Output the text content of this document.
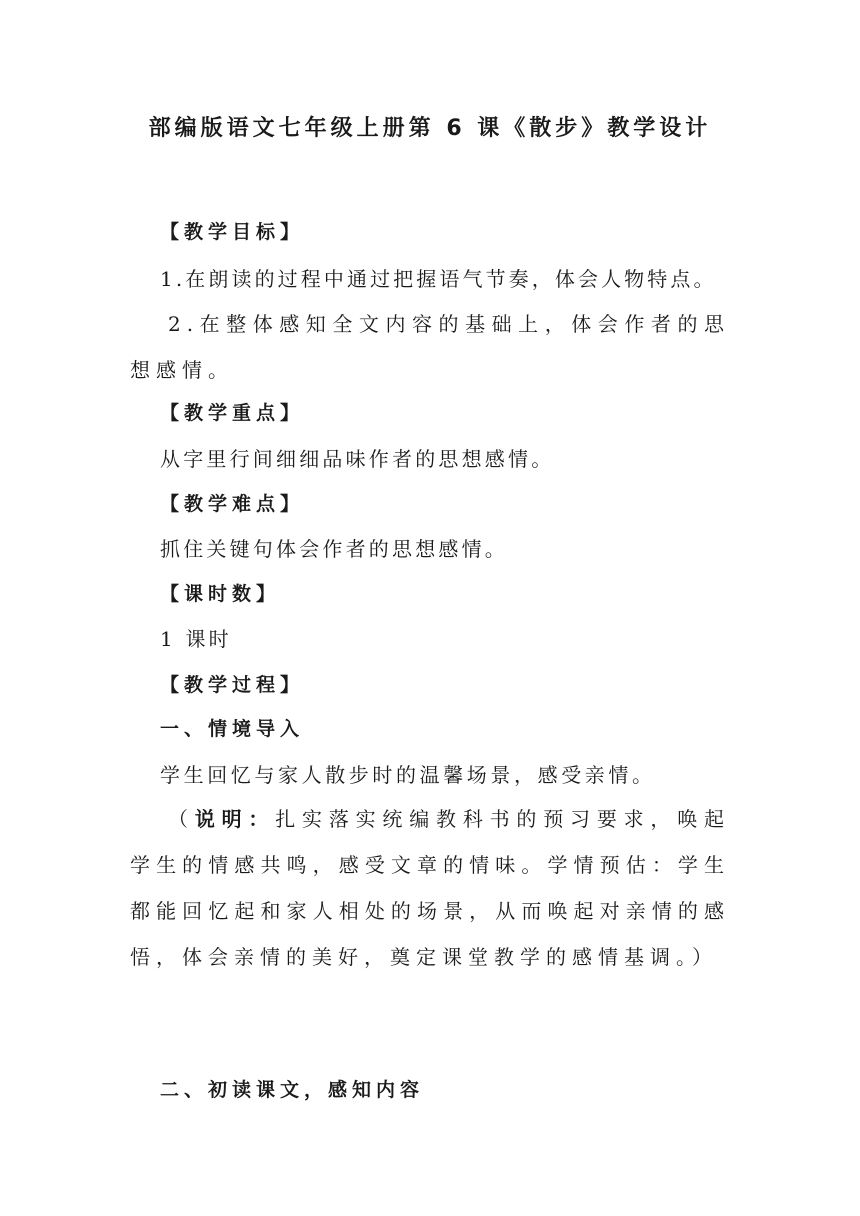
部编版语文七年级上册第 6 课《散步》教学设计
【教学目标】
1.在朗读的过程中通过把握语气节奏，体会人物特点。
2.在整体感知全文内容的基础上，体会作者的思想感情。
【教学重点】
从字里行间细细品味作者的思想感情。
【教学难点】
抓住关键句体会作者的思想感情。
【课时数】
1 课时
【教学过程】
一、情境导入
学生回忆与家人散步时的温馨场景，感受亲情。
（说明：扎实落实统编教科书的预习要求，唤起学生的情感共鸣，感受文章的情味。学情预估：学生都能回忆起和家人相处的场景，从而唤起对亲情的感悟，体会亲情的美好，奠定课堂教学的感情基调。）
二、初读课文，感知内容
